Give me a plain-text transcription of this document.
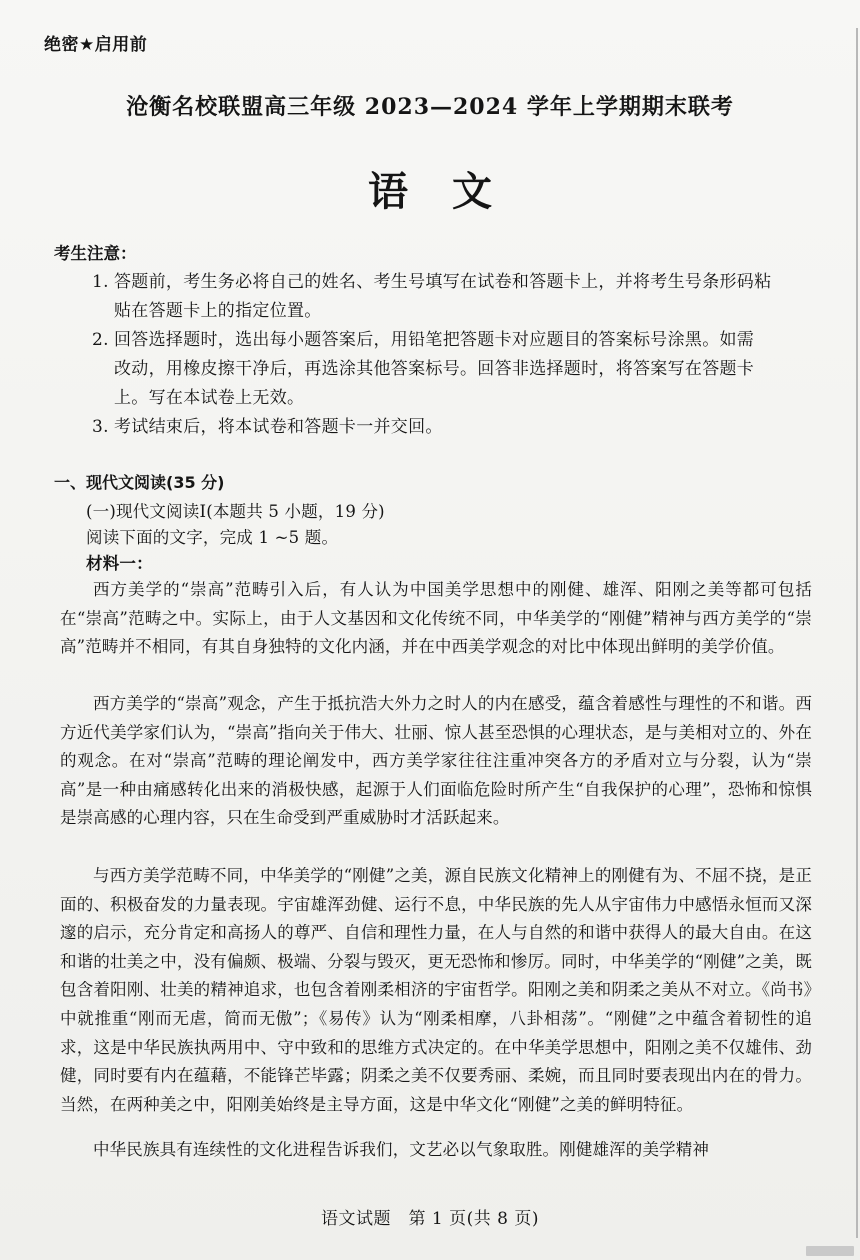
绝密★启用前
沧衡名校联盟高三年级 2023—2024 学年上学期期末联考
语文
考生注意：
1. 答题前，考生务必将自己的姓名、考生号填写在试卷和答题卡上，并将考生号条形码粘
贴在答题卡上的指定位置。
2. 回答选择题时，选出每小题答案后，用铅笔把答题卡对应题目的答案标号涂黑。如需
改动，用橡皮擦干净后，再选涂其他答案标号。回答非选择题时，将答案写在答题卡
上。写在本试卷上无效。
3. 考试结束后，将本试卷和答题卡一并交回。
一、现代文阅读(35 分)
(一)现代文阅读Ⅰ(本题共 5 小题，19 分)
阅读下面的文字，完成 1 ~5 题。
材料一：
西方美学的“崇高”范畴引入后，有人认为中国美学思想中的刚健、雄浑、阳刚之美等都可包括在“崇高”范畴之中。实际上，由于人文基因和文化传统不同，中华美学的“刚健”精神与西方美学的“崇高”范畴并不相同，有其自身独特的文化内涵，并在中西美学观念的对比中体现出鲜明的美学价值。
西方美学的“崇高”观念，产生于抵抗浩大外力之时人的内在感受，蕴含着感性与理性的不和谐。西方近代美学家们认为，“崇高”指向关于伟大、壮丽、惊人甚至恐惧的心理状态，是与美相对立的、外在的观念。在对“崇高”范畴的理论阐发中，西方美学家往往注重冲突各方的矛盾对立与分裂，认为“崇高”是一种由痛感转化出来的消极快感，起源于人们面临危险时所产生“自我保护的心理”，恐怖和惊惧是崇高感的心理内容，只在生命受到严重威胁时才活跃起来。
与西方美学范畴不同，中华美学的“刚健”之美，源自民族文化精神上的刚健有为、不屈不挠，是正面的、积极奋发的力量表现。宇宙雄浑劲健、运行不息，中华民族的先人从宇宙伟力中感悟永恒而又深邃的启示，充分肯定和高扬人的尊严、自信和理性力量，在人与自然的和谐中获得人的最大自由。在这和谐的壮美之中，没有偏颇、极端、分裂与毁灭，更无恐怖和惨厉。同时，中华美学的“刚健”之美，既包含着阳刚、壮美的精神追求，也包含着刚柔相济的宇宙哲学。阳刚之美和阴柔之美从不对立。《尚书》中就推重“刚而无虐，简而无傲”；《易传》认为“刚柔相摩，八卦相荡”。“刚健”之中蕴含着韧性的追求，这是中华民族执两用中、守中致和的思维方式决定的。在中华美学思想中，阳刚之美不仅雄伟、劲健，同时要有内在蕴藉，不能锋芒毕露；阴柔之美不仅要秀丽、柔婉，而且同时要表现出内在的骨力。当然，在两种美之中，阳刚美始终是主导方面，这是中华文化“刚健”之美的鲜明特征。
中华民族具有连续性的文化进程告诉我们，文艺必以气象取胜。刚健雄浑的美学精神
语文试题　第 1 页(共 8 页)
